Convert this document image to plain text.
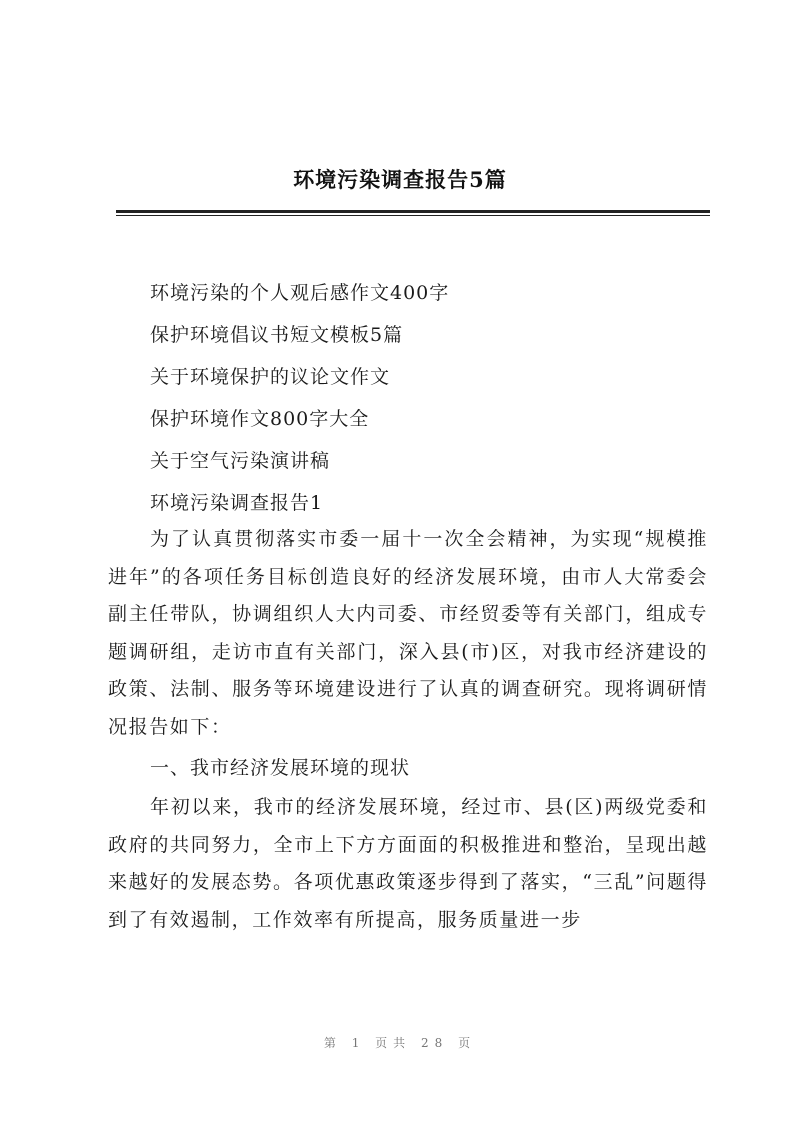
环境污染调查报告5篇
环境污染的个人观后感作文400字
保护环境倡议书短文模板5篇
关于环境保护的议论文作文
保护环境作文800字大全
关于空气污染演讲稿
环境污染调查报告1
为了认真贯彻落实市委一届十一次全会精神，为实现“规模推进年”的各项任务目标创造良好的经济发展环境，由市人大常委会副主任带队，协调组织人大内司委、市经贸委等有关部门，组成专题调研组，走访市直有关部门，深入县(市)区，对我市经济建设的政策、法制、服务等环境建设进行了认真的调查研究。现将调研情况报告如下：
一、我市经济发展环境的现状
年初以来，我市的经济发展环境，经过市、县(区)两级党委和政府的共同努力，全市上下方方面面的积极推进和整治，呈现出越来越好的发展态势。各项优惠政策逐步得到了落实，“三乱”问题得到了有效遏制，工作效率有所提高，服务质量进一步
第 1 页共 28 页
